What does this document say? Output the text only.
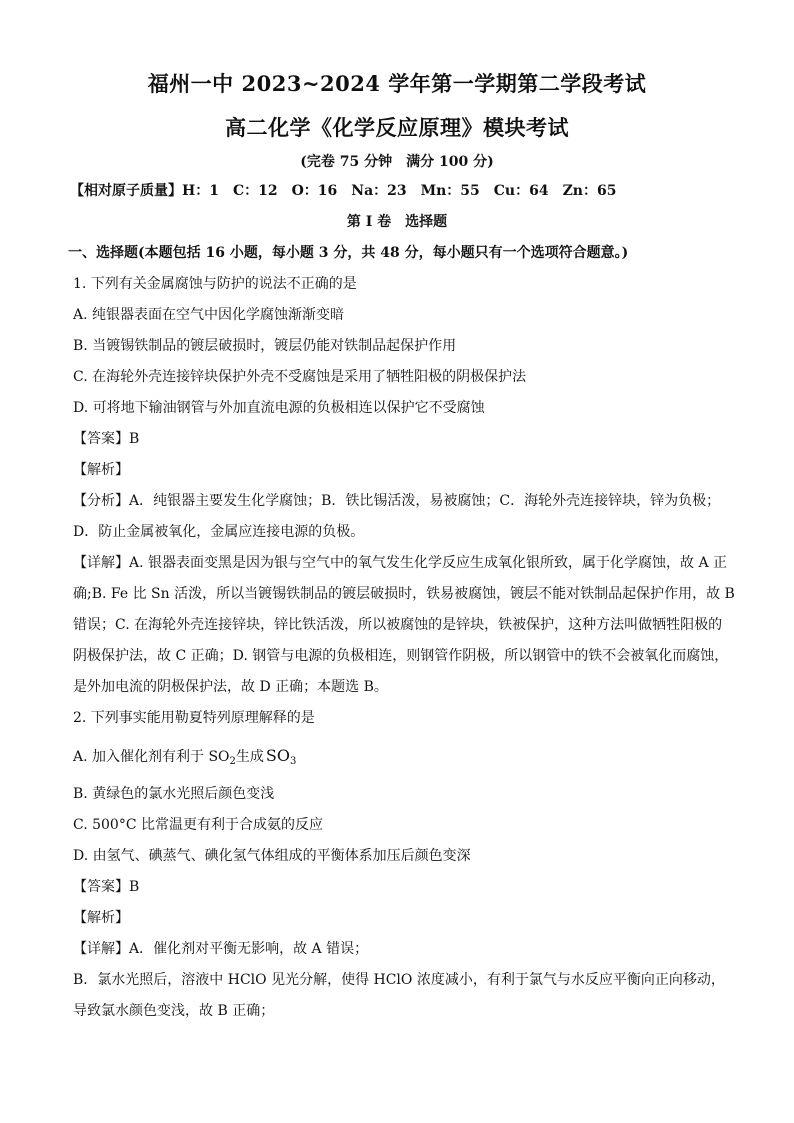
福州一中 2023~2024 学年第一学期第二学段考试
高二化学《化学反应原理》模块考试
(完卷 75 分钟　满分 100 分)
【相对原子质量】H：1　C：12　O：16　Na：23　Mn：55　Cu：64　Zn：65
第 I 卷　选择题
一、选择题(本题包括 16 小题，每小题 3 分，共 48 分，每小题只有一个选项符合题意。)
1. 下列有关金属腐蚀与防护的说法不正确的是
A. 纯银器表面在空气中因化学腐蚀渐渐变暗
B. 当镀锡铁制品的镀层破损时，镀层仍能对铁制品起保护作用
C. 在海轮外壳连接锌块保护外壳不受腐蚀是采用了牺牲阳极的阴极保护法
D. 可将地下输油钢管与外加直流电源的负极相连以保护它不受腐蚀
【答案】B
【解析】
【分析】A．纯银器主要发生化学腐蚀；B．铁比锡活泼，易被腐蚀；C．海轮外壳连接锌块，锌为负极；
D．防止金属被氧化，金属应连接电源的负极。
【详解】A. 银器表面变黑是因为银与空气中的氧气发生化学反应生成氧化银所致，属于化学腐蚀，故 A 正
确;B. Fe 比 Sn 活泼，所以当镀锡铁制品的镀层破损时，铁易被腐蚀，镀层不能对铁制品起保护作用，故 B
错误；C. 在海轮外壳连接锌块，锌比铁活泼，所以被腐蚀的是锌块，铁被保护，这种方法叫做牺牲阳极的
阴极保护法，故 C 正确；D. 钢管与电源的负极相连，则钢管作阴极，所以钢管中的铁不会被氧化而腐蚀，
是外加电流的阴极保护法，故 D 正确；本题选 B。
2. 下列事实能用勒夏特列原理解释的是
A. 加入催化剂有利于 $SO_2$生成 $SO_3$
B. 黄绿色的氯水光照后颜色变浅
C. 500°C 比常温更有利于合成氨的反应
D. 由氢气、碘蒸气、碘化氢气体组成的平衡体系加压后颜色变深
【答案】B
【解析】
【详解】A．催化剂对平衡无影响，故 A 错误；
B．氯水光照后，溶液中 HClO 见光分解，使得 HClO 浓度减小，有利于氯气与水反应平衡向正向移动，
导致氯水颜色变浅，故 B 正确；
